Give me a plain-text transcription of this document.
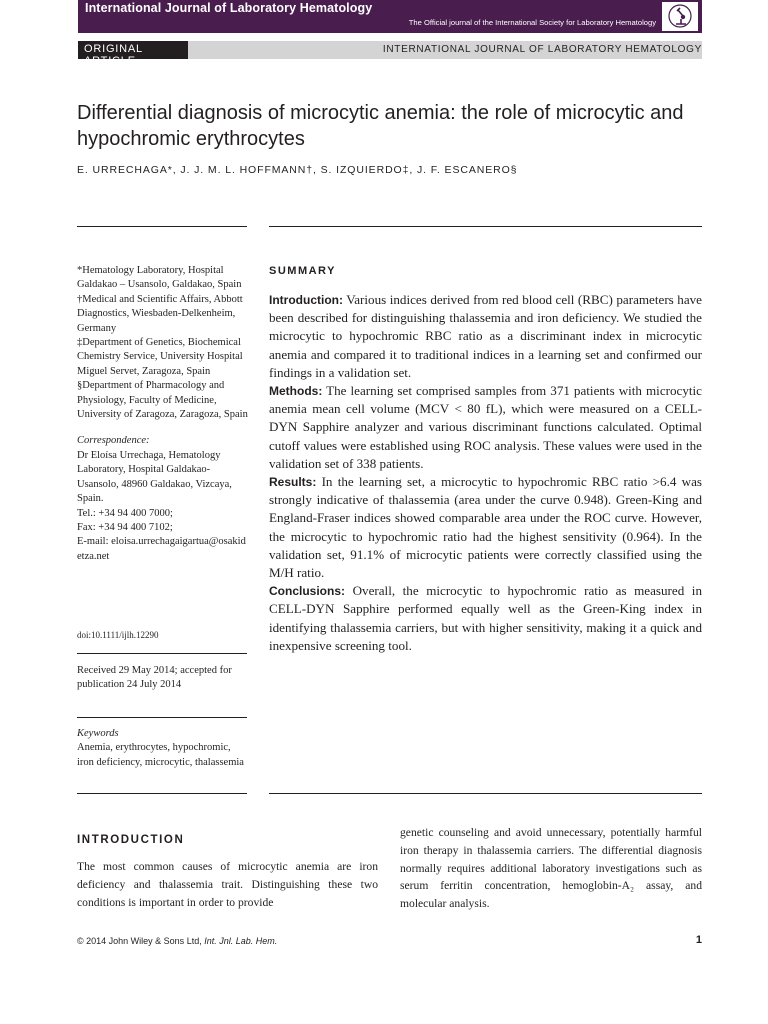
International Journal of Laboratory Hematology
The Official journal of the International Society for Laboratory Hematology
ORIGINAL ARTICLE
INTERNATIONAL JOURNAL OF LABORATORY HEMATOLOGY
Differential diagnosis of microcytic anemia: the role of microcytic and hypochromic erythrocytes
E. URRECHAGA*, J. J. M. L. HOFFMANN†, S. IZQUIERDO‡, J. F. ESCANERO§

*Hematology Laboratory, Hospital Galdakao – Usansolo, Galdakao, Spain

†Medical and Scientific Affairs, Abbott Diagnostics, Wiesbaden-Delkenheim, Germany

‡Department of Genetics, Biochemical Chemistry Service, University Hospital Miguel Servet, Zaragoza, Spain

§Department of Pharmacology and Physiology, Faculty of Medicine, University of Zaragoza, Zaragoza, Spain

Correspondence:

Dr Eloísa Urrechaga, Hematology Laboratory, Hospital Galdakao-Usansolo, 48960 Galdakao, Vizcaya, Spain.

Tel.: +34 94 400 7000;

Fax: +34 94 400 7102;

E-mail: eloisa.urrechagaigartua@osakidetza.net

doi:10.1111/ijlh.12290
Received 29 May 2014; accepted for publication 24 July 2014
Keywords
Anemia, erythrocytes, hypochromic, iron deficiency, microcytic, thalassemia
SUMMARY

Introduction: Various indices derived from red blood cell (RBC) parameters have been described for distinguishing thalassemia and iron deficiency. We studied the microcytic to hypochromic RBC ratio as a discriminant index in microcytic anemia and compared it to traditional indices in a learning set and confirmed our findings in a validation set.

Methods: The learning set comprised samples from 371 patients with microcytic anemia mean cell volume (MCV < 80 fL), which were measured on a CELL-DYN Sapphire analyzer and various discriminant functions calculated. Optimal cutoff values were established using ROC analysis. These values were used in the validation set of 338 patients.

Results: In the learning set, a microcytic to hypochromic RBC ratio >6.4 was strongly indicative of thalassemia (area under the curve 0.948). Green-King and England-Fraser indices showed comparable area under the ROC curve. However, the microcytic to hypochromic ratio had the highest sensitivity (0.964). In the validation set, 91.1% of microcytic patients were correctly classified using the M/H ratio.

Conclusions: Overall, the microcytic to hypochromic ratio as measured in CELL-DYN Sapphire performed equally well as the Green-King index in identifying thalassemia carriers, but with higher sensitivity, making it a quick and inexpensive screening tool.

INTRODUCTION
The most common causes of microcytic anemia are iron deficiency and thalassemia trait. Distinguishing these two conditions is important in order to provide
genetic counseling and avoid unnecessary, potentially harmful iron therapy in thalassemia carriers. The differential diagnosis normally requires additional laboratory investigations such as serum ferritin concentration, hemoglobin-A₂ assay, and molecular analysis.
© 2014 John Wiley & Sons Ltd, Int. Jnl. Lab. Hem.	1
